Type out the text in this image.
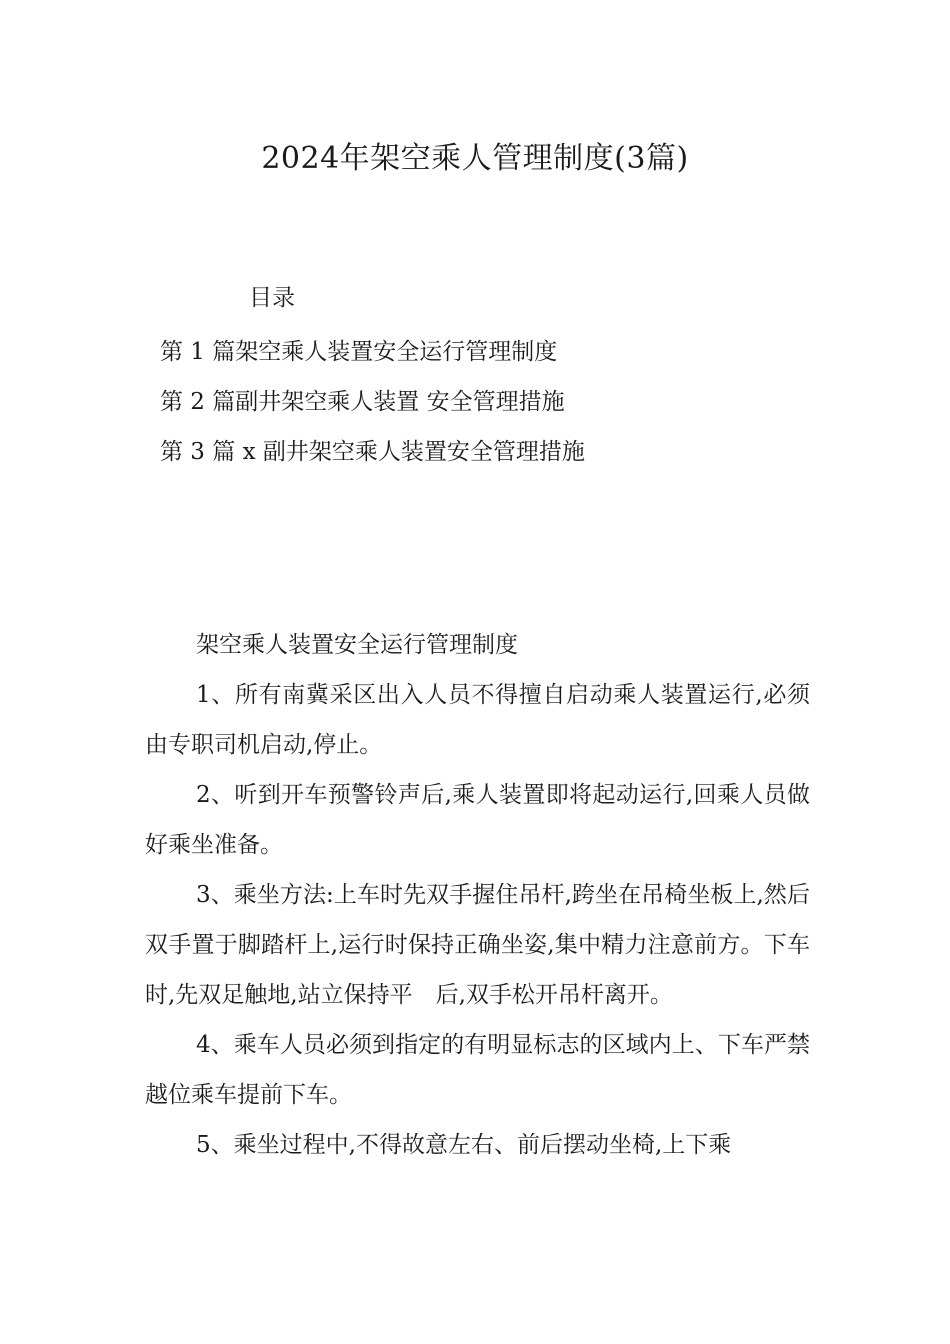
2024年架空乘人管理制度(3篇)
目录
第 1 篇架空乘人装置安全运行管理制度
第 2 篇副井架空乘人装置 安全管理措施
第 3 篇 x 副井架空乘人装置安全管理措施
架空乘人装置安全运行管理制度

1、所有南冀采区出入人员不得擅自启动乘人装置运行,必须由专职司机启动,停止。

2、听到开车预警铃声后,乘人装置即将起动运行,回乘人员做好乘坐准备。

3、乘坐方法:上车时先双手握住吊杆,跨坐在吊椅坐板上,然后双手置于脚踏杆上,运行时保持正确坐姿,集中精力注意前方。下车时,先双足触地,站立保持平　后,双手松开吊杆离开。

4、乘车人员必须到指定的有明显标志的区域内上、下车严禁越位乘车提前下车。

5、乘坐过程中,不得故意左右、前后摆动坐椅,上下乘
